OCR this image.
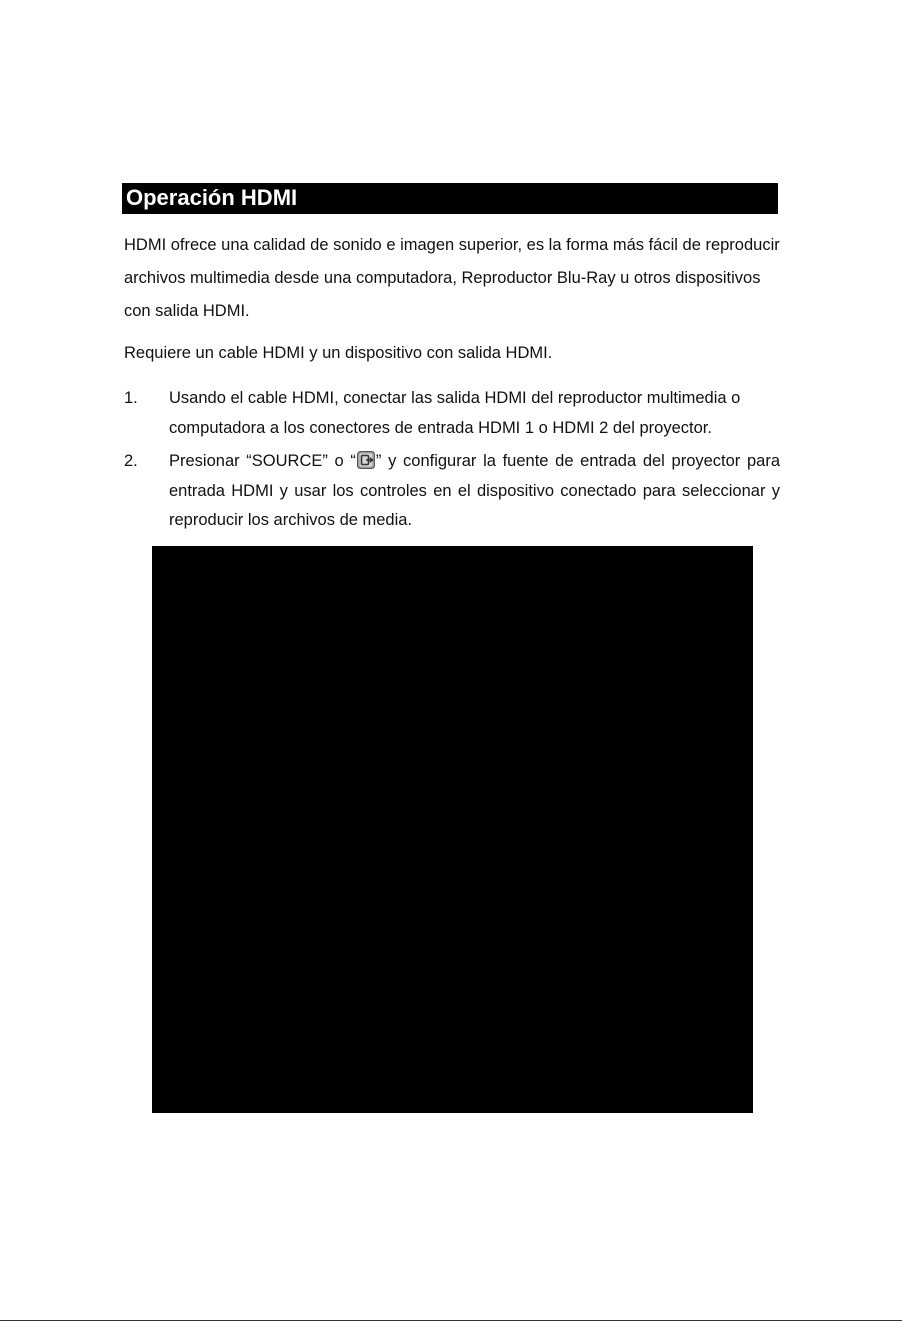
Operación HDMI

HDMI ofrece una calidad de sonido e imagen superior, es la forma más fácil de reproducir archivos multimedia desde una computadora, Reproductor Blu-Ray u otros dispositivos con salida HDMI.

Requiere un cable HDMI y un dispositivo con salida HDMI.

1. Usando el cable HDMI, conectar las salida HDMI del reproductor multimedia o computadora a los conectores de entrada HDMI 1 o HDMI 2 del proyector.
2. Presionar “SOURCE” o “ ” y configurar la fuente de entrada del proyector para entrada HDMI y usar los controles en el dispositivo conectado para seleccionar y reproducir los archivos de media.
